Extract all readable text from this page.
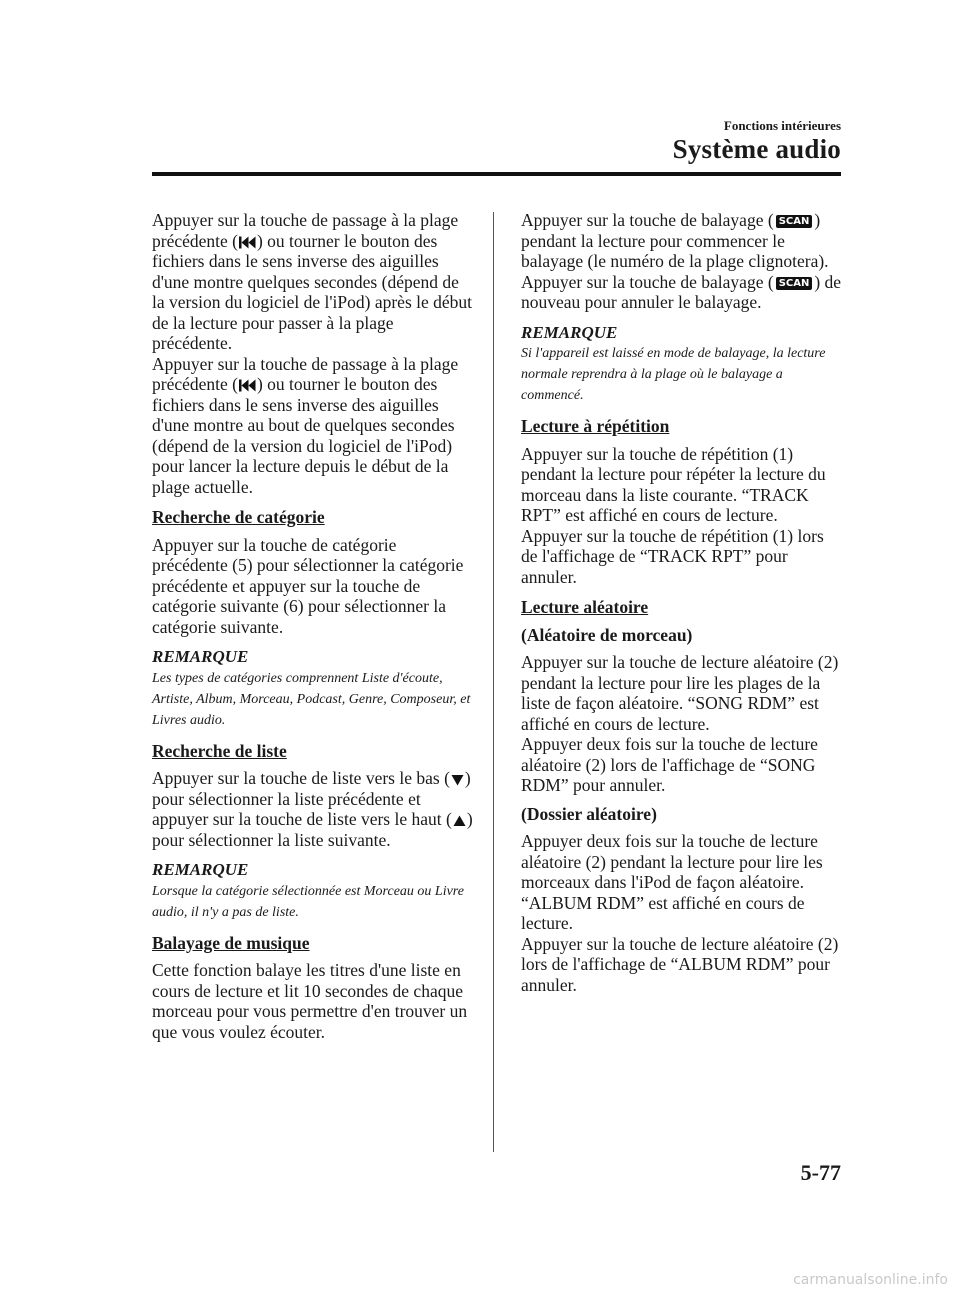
Fonctions intérieures
Système audio

Appuyer sur la touche de passage à la plage précédente ( ) ou tourner le bouton des fichiers dans le sens inverse des aiguilles d'une montre quelques secondes (dépend de la version du logiciel de l'iPod) après le début de la lecture pour passer à la plage précédente.

Appuyer sur la touche de passage à la plage précédente ( ) ou tourner le bouton des fichiers dans le sens inverse des aiguilles d'une montre au bout de quelques secondes (dépend de la version du logiciel de l'iPod) pour lancer la lecture depuis le début de la plage actuelle.

Recherche de catégorie

Appuyer sur la touche de catégorie précédente (5) pour sélectionner la catégorie précédente et appuyer sur la touche de catégorie suivante (6) pour sélectionner la catégorie suivante.

REMARQUE
Les types de catégories comprennent Liste d'écoute, Artiste, Album, Morceau, Podcast, Genre, Composeur, et Livres audio.
Recherche de liste

Appuyer sur la touche de liste vers le bas ( ) pour sélectionner la liste précédente et appuyer sur la touche de liste vers le haut ( ) pour sélectionner la liste suivante.

REMARQUE
Lorsque la catégorie sélectionnée est Morceau ou Livre audio, il n'y a pas de liste.
Balayage de musique

Cette fonction balaye les titres d'une liste en cours de lecture et lit 10 secondes de chaque morceau pour vous permettre d'en trouver un que vous voulez écouter.

Appuyer sur la touche de balayage ( SCAN ) pendant la lecture pour commencer le balayage (le numéro de la plage clignotera). Appuyer sur la touche de balayage ( SCAN ) de nouveau pour annuler le balayage.

REMARQUE
Si l'appareil est laissé en mode de balayage, la lecture normale reprendra à la plage où le balayage a commencé.
Lecture à répétition

Appuyer sur la touche de répétition (1) pendant la lecture pour répéter la lecture du morceau dans la liste courante. “TRACK RPT” est affiché en cours de lecture.

Appuyer sur la touche de répétition (1) lors de l'affichage de “TRACK RPT” pour annuler.

Lecture aléatoire
(Aléatoire de morceau)

Appuyer sur la touche de lecture aléatoire (2) pendant la lecture pour lire les plages de la liste de façon aléatoire. “SONG RDM” est affiché en cours de lecture.

Appuyer deux fois sur la touche de lecture aléatoire (2) lors de l'affichage de “SONG RDM” pour annuler.

(Dossier aléatoire)

Appuyer deux fois sur la touche de lecture aléatoire (2) pendant la lecture pour lire les morceaux dans l'iPod de façon aléatoire. “ALBUM RDM” est affiché en cours de lecture.

Appuyer sur la touche de lecture aléatoire (2) lors de l'affichage de “ALBUM RDM” pour annuler.

5-77
carmanualsonline.info
